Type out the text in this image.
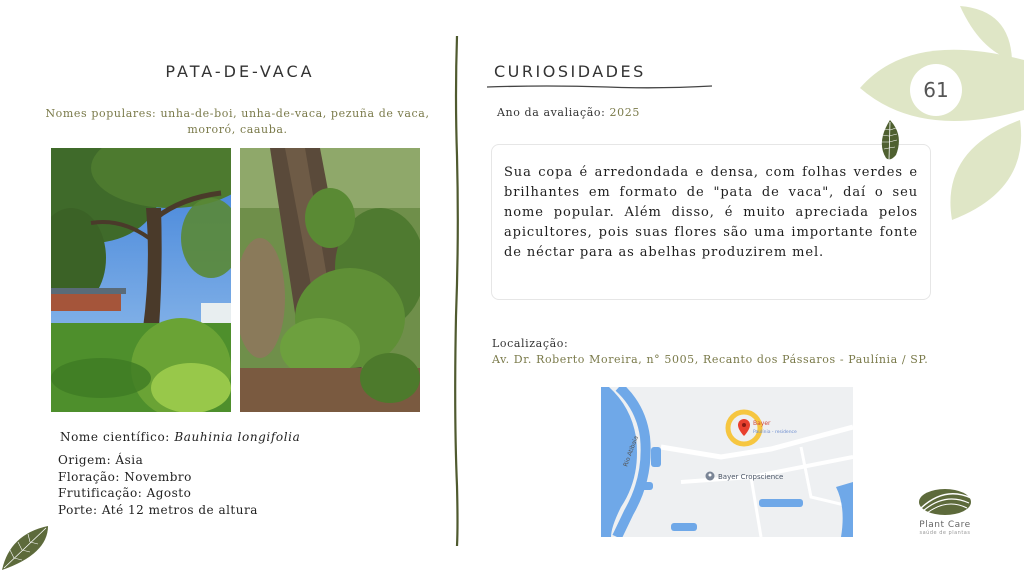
PATA-DE-VACA
Nomes populares: unha-de-boi, unha-de-vaca, pezuña de vaca, mororó, caauba.
Nome científico: Bauhinia longifolia
Origem: Ásia
Floração: Novembro
Frutificação: Agosto
Porte: Até 12 metros de altura
CURIOSIDADES
Ano da avaliação: 2025

Sua copa é arredondada e densa, com folhas verdes e brilhantes em formato de "pata de vaca", daí o seu nome popular. Além disso, é muito apreciada pelos apicultores, pois suas flores são uma importante fonte de néctar para as abelhas produzirem mel.

Localização:
Av. Dr. Roberto Moreira, n° 5005, Recanto dos Pássaros - Paulínia / SP.
Rio Atibaia
Bayer
Paulínia - residence
Bayer Cropscience
61
Plant Care
saúde de plantas
